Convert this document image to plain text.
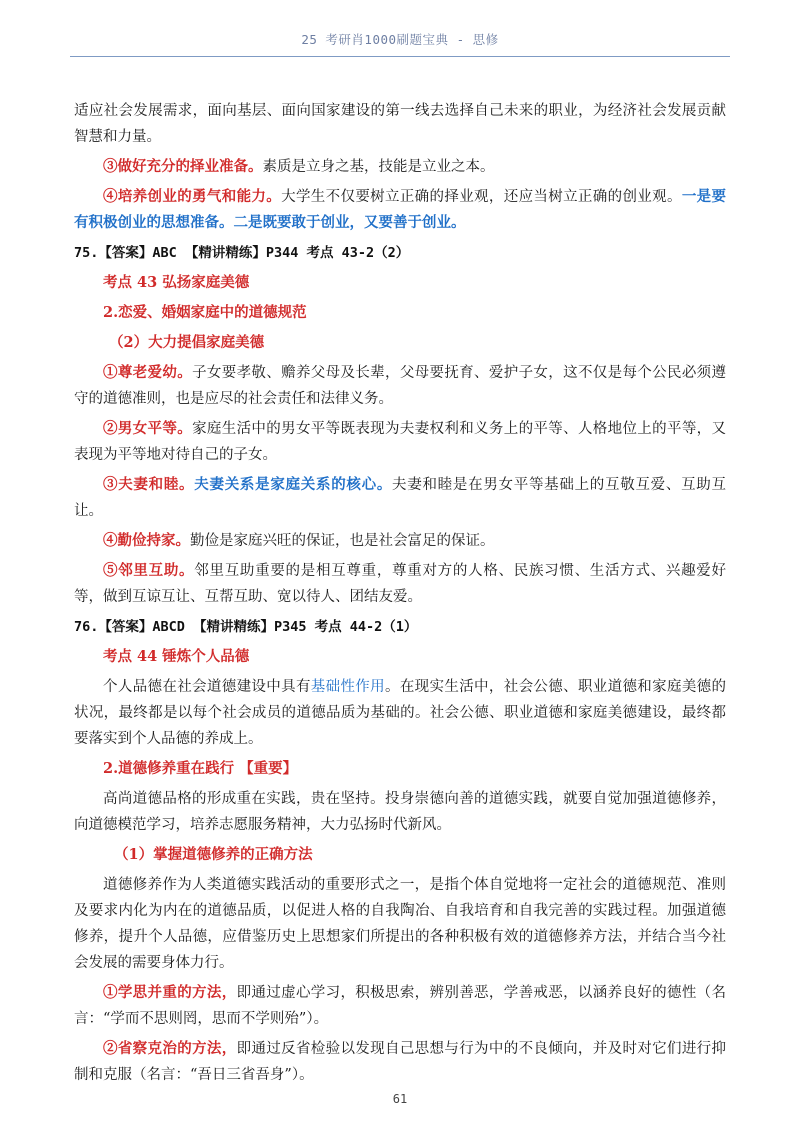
25 考研肖1000刷题宝典 - 思修

适应社会发展需求，面向基层、面向国家建设的第一线去选择自己未来的职业，为经济社会发展贡献智慧和力量。

③做好充分的择业准备。素质是立身之基，技能是立业之本。

④培养创业的勇气和能力。大学生不仅要树立正确的择业观，还应当树立正确的创业观。一是要有积极创业的思想准备。二是既要敢于创业，又要善于创业。

75.【答案】ABC 【精讲精练】P344 考点 43-2（2）
考点 43 弘扬家庭美德
2.恋爱、婚姻家庭中的道德规范
（2）大力提倡家庭美德

①尊老爱幼。子女要孝敬、赡养父母及长辈，父母要抚育、爱护子女，这不仅是每个公民必须遵守的道德准则，也是应尽的社会责任和法律义务。

②男女平等。家庭生活中的男女平等既表现为夫妻权利和义务上的平等、人格地位上的平等，又表现为平等地对待自己的子女。

③夫妻和睦。夫妻关系是家庭关系的核心。夫妻和睦是在男女平等基础上的互敬互爱、互助互让。

④勤俭持家。勤俭是家庭兴旺的保证，也是社会富足的保证。

⑤邻里互助。邻里互助重要的是相互尊重，尊重对方的人格、民族习惯、生活方式、兴趣爱好等，做到互谅互让、互帮互助、宽以待人、团结友爱。

76.【答案】ABCD 【精讲精练】P345 考点 44-2（1）
考点 44 锤炼个人品德

个人品德在社会道德建设中具有基础性作用。在现实生活中，社会公德、职业道德和家庭美德的状况，最终都是以每个社会成员的道德品质为基础的。社会公德、职业道德和家庭美德建设，最终都要落实到个人品德的养成上。

2.道德修养重在践行 【重要】

高尚道德品格的形成重在实践，贵在坚持。投身崇德向善的道德实践，就要自觉加强道德修养，向道德模范学习，培养志愿服务精神，大力弘扬时代新风。

（1）掌握道德修养的正确方法

道德修养作为人类道德实践活动的重要形式之一，是指个体自觉地将一定社会的道德规范、准则及要求内化为内在的道德品质，以促进人格的自我陶冶、自我培育和自我完善的实践过程。加强道德修养，提升个人品德，应借鉴历史上思想家们所提出的各种积极有效的道德修养方法，并结合当今社会发展的需要身体力行。

①学思并重的方法，即通过虚心学习，积极思索，辨别善恶，学善戒恶，以涵养良好的德性（名言：“学而不思则罔，思而不学则殆”）。

②省察克治的方法，即通过反省检验以发现自己思想与行为中的不良倾向，并及时对它们进行抑制和克服（名言：“吾日三省吾身”）。

61
